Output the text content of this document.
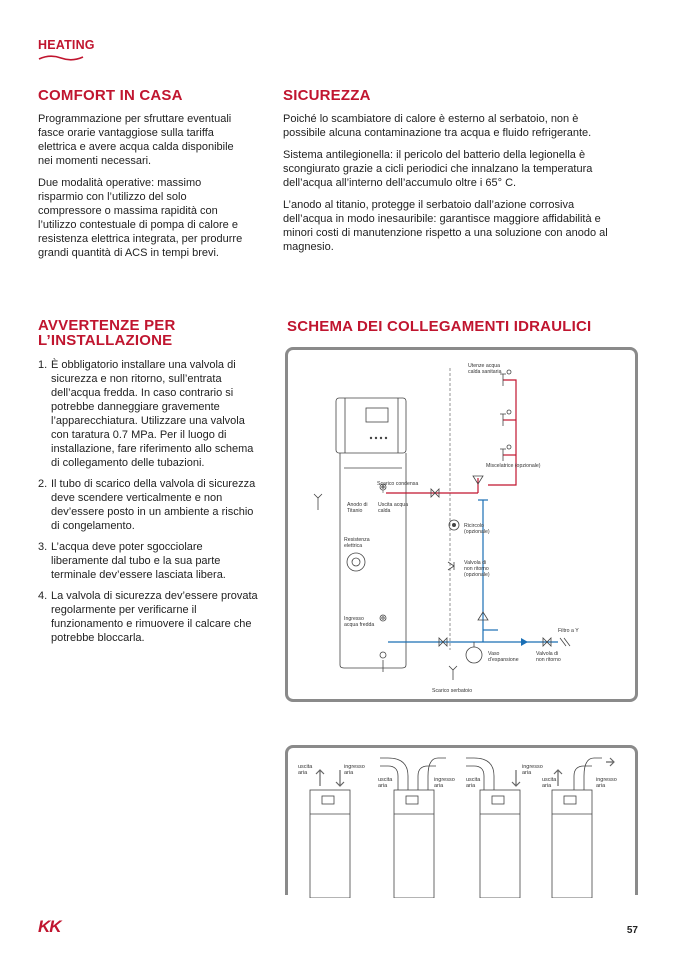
HEATING
COMFORT IN CASA

Programmazione per sfruttare eventuali fasce orarie vantaggiose sulla tariffa elettrica e avere acqua calda disponibile nei momenti necessari.

Due modalità operative: massimo risparmio con l’utilizzo del solo compressore o massima rapidità con l’utilizzo contestuale di pompa di calore e resistenza elettrica integrata, per produrre grandi quantità di ACS in tempi brevi.

SICUREZZA

Poiché lo scambiatore di calore è esterno al serbatoio, non è possibile alcuna contaminazione tra acqua e fluido refrigerante.

Sistema antilegionella: il pericolo del batterio della legionella è scongiurato grazie a cicli periodici che innalzano la temperatura dell’acqua all’interno dell’accumulo oltre i 65° C.

L’anodo al titanio, protegge il serbatoio dall’azione corrosiva dell’acqua in modo inesauribile: garantisce maggiore affidabilità e minori costi di manutenzione rispetto a una soluzione con anodo al magnesio.

AVVERTENZE PER
L’INSTALLAZIONE
1. È obbligatorio installare una valvola di sicurezza e non ritorno, sull’entrata dell’acqua fredda. In caso contrario si potrebbe danneggiare gravemente l’apparecchiatura. Utilizzare una valvola con taratura 0.7 MPa. Per il luogo di installazione, fare riferimento allo schema di collegamento delle tubazioni.
2. Il tubo di scarico della valvola di sicurezza deve scendere verticalmente e non dev’essere posto in un ambiente a rischio di congelamento.
3. L’acqua deve poter sgocciolare liberamente dal tubo e la sua parte terminale dev’essere lasciata libera.
4. La valvola di sicurezza dev’essere provata regolarmente per verificarne il funzionamento e rimuovere il calcare che potrebbe bloccarla.
SCHEMA DEI COLLEGAMENTI IDRAULICI
Utenze acqua
calda sanitaria
Miscelatrice (opzionale)
Scarico condensa
Anodo di
Titanio
Uscita acqua
calda
Ricircolo
(opzionale)
Resistenza
elettrica
Valvola di
non ritorno
(opzionale)
Ingresso
acqua fredda
Filtro a Y
Vaso
d’espansione
Valvola di
non ritorno
Scarico serbatoio
uscita
aria
ingresso
aria
uscita
aria
ingresso
aria
uscita
aria
ingresso
aria
uscita
aria
ingresso
aria
KK	57
